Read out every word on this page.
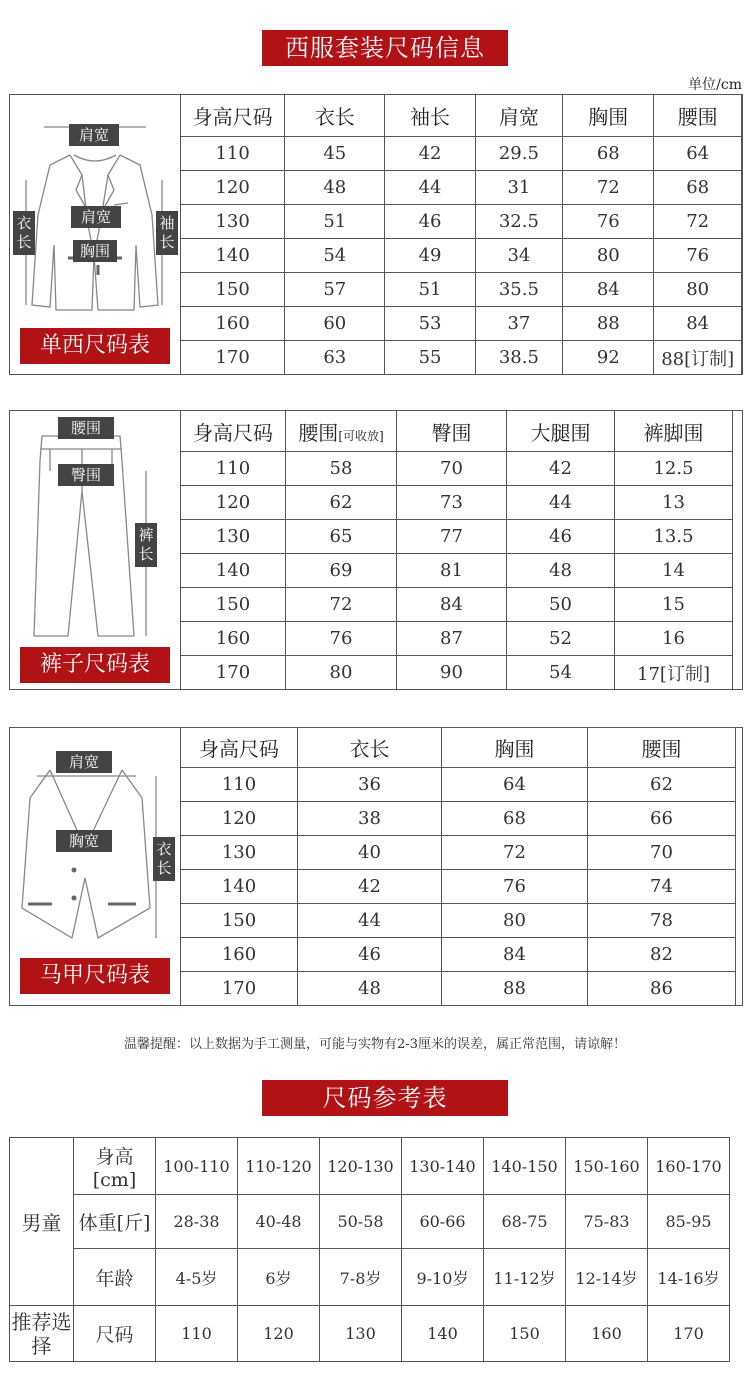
西服套装尺码信息
单位/cm
肩宽
衣
长
肩宽	袖
长
胸围
单西尺码表
身高尺码	衣长	袖长	肩宽	胸围	腰围
110	45	42	29.5	68	64
120	48	44	31	72	68
130	51	46	32.5	76	72
140	54	49	34	80	76
150	57	51	35.5	84	80
160	60	53	37	88	84
170	63	55	38.5	92	88[订制]
腰围
臀围
裤
长
裤子尺码表
身高尺码	腰围[可收放]	臀围	大腿围	裤脚围
110	58	70	42	12.5
120	62	73	44	13
130	65	77	46	13.5
140	69	81	48	14
150	72	84	50	15
160	76	87	52	16
170	80	90	54	17[订制]
肩宽
胸宽	衣
长
马甲尺码表
身高尺码	衣长	胸围	腰围
110	36	64	62
120	38	68	66
130	40	72	70
140	42	76	74
150	44	80	78
160	46	84	82
170	48	88	86
温馨提醒：以上数据为手工测量，可能与实物有2-3厘米的误差，属正常范围，请谅解！
尺码参考表
男童	身高[cm]	100-110	110-120	120-130	130-140	140-150	150-160	160-170
	体重[斤]	28-38	40-48	50-58	60-66	68-75	75-83	85-95
	年龄	4-5岁	6岁	7-8岁	9-10岁	11-12岁	12-14岁	14-16岁
推荐选择	尺码	110	120	130	140	150	160	170
